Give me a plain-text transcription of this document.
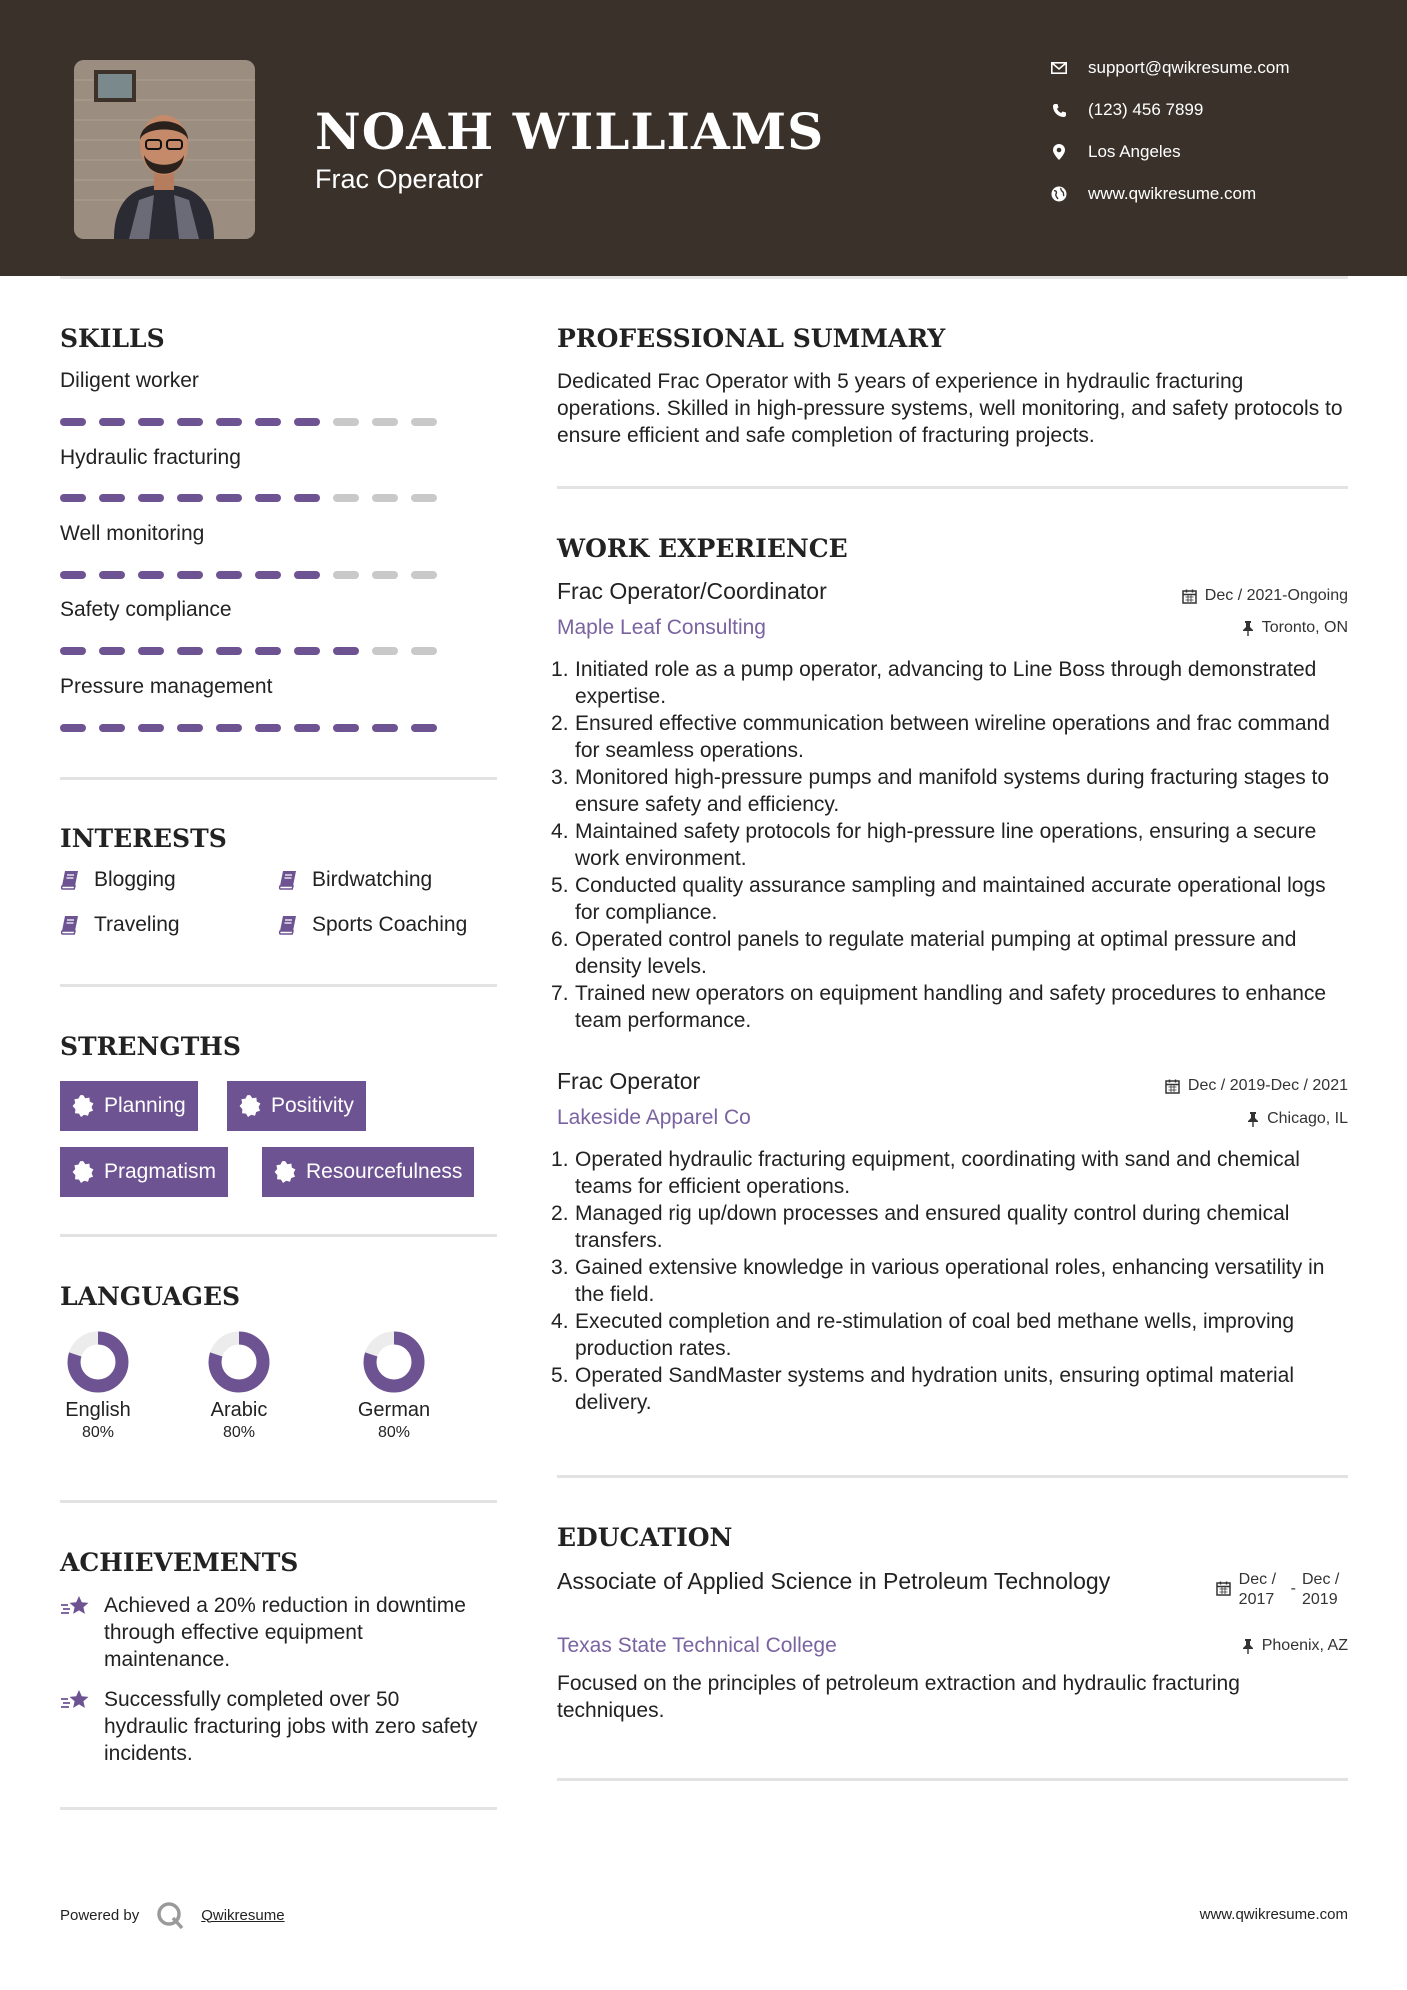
NOAH WILLIAMS
Frac Operator
support@qwikresume.com
(123) 456 7899
Los Angeles
www.qwikresume.com
SKILLS
Diligent worker
Hydraulic fracturing
Well monitoring
Safety compliance
Pressure management
INTERESTS
Blogging	Birdwatching
Traveling	Sports Coaching
STRENGTHS
Planning	Positivity
Pragmatism	Resourcefulness
LANGUAGES
English
80%
Arabic
80%
German
80%
ACHIEVEMENTS
Achieved a 20% reduction in downtime through effective equipment maintenance.
Successfully completed over 50 hydraulic fracturing jobs with zero safety incidents.
PROFESSIONAL SUMMARY
Dedicated Frac Operator with 5 years of experience in hydraulic fracturing operations. Skilled in high-pressure systems, well monitoring, and safety protocols to ensure efficient and safe completion of fracturing projects.
WORK EXPERIENCE
Frac Operator/Coordinator	Dec / 2021-Ongoing
Maple Leaf Consulting	Toronto, ON
Initiated role as a pump operator, advancing to Line Boss through demonstrated expertise.
Ensured effective communication between wireline operations and frac command for seamless operations.
Monitored high-pressure pumps and manifold systems during fracturing stages to ensure safety and efficiency.
Maintained safety protocols for high-pressure line operations, ensuring a secure work environment.
Conducted quality assurance sampling and maintained accurate operational logs for compliance.
Operated control panels to regulate material pumping at optimal pressure and density levels.
Trained new operators on equipment handling and safety procedures to enhance team performance.
Frac Operator	Dec / 2019-Dec / 2021
Lakeside Apparel Co	Chicago, IL
Operated hydraulic fracturing equipment, coordinating with sand and chemical teams for efficient operations.
Managed rig up/down processes and ensured quality control during chemical transfers.
Gained extensive knowledge in various operational roles, enhancing versatility in the field.
Executed completion and re-stimulation of coal bed methane wells, improving production rates.
Operated SandMaster systems and hydration units, ensuring optimal material delivery.
EDUCATION
Associate of Applied Science in Petroleum Technology	Dec / 2017
-
Dec / 2019
Texas State Technical College	Phoenix, AZ
Focused on the principles of petroleum extraction and hydraulic fracturing techniques.
Powered by	Qwikresume	www.qwikresume.com
